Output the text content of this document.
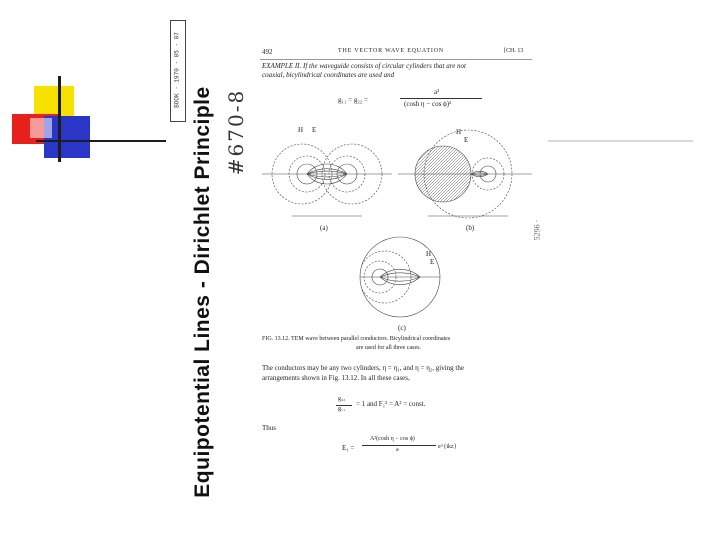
Equipotential Lines - Dirichlet Principle
BOOK · 1970 · 05 · 07
#670-8
5296 ·
492	THE VECTOR WAVE EQUATION	[CH. 13
EXAMPLE II. If the waveguide consists of circular cylinders that are not
coaxial, bicylindrical coordinates are used and
g₁₁ = g₂₂ =
a²
(cosh η − cos ϕ)²
H E
(a)
H
E
(b)
H
E
(c)
FIG. 13.12. TEM wave between parallel conductors. Bicylindrical coordinates
are used for all three cases.
The conductors may be any two cylinders, η = η₁, and η = η₂, giving the
arrangements shown in Fig. 13.12. In all these cases,
g₂₂
g₁₁
= 1 and F₁² = A² = const.
Thus
E₁ =
A²(cosh η − cos ϕ)
a	e^{ikz}
